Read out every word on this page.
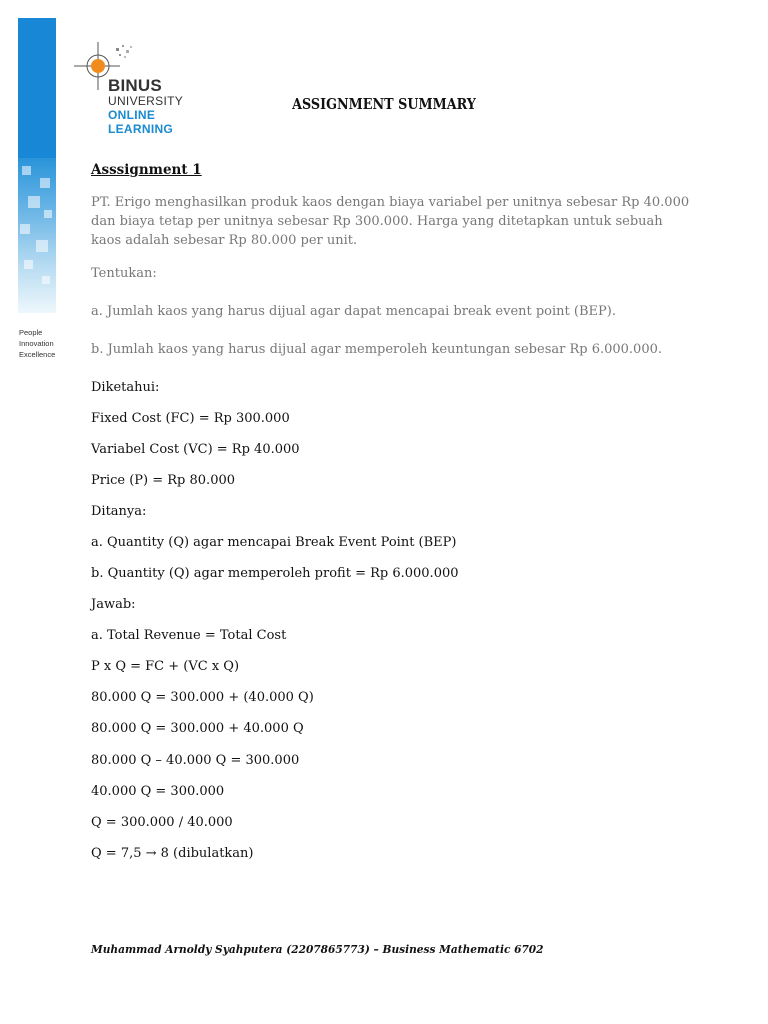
People
Innovation
Excellence
BINUS
UNIVERSITY
ONLINE
LEARNING
ASSIGNMENT SUMMARY
Asssignment 1
PT. Erigo menghasilkan produk kaos dengan biaya variabel per unitnya sebesar Rp 40.000 dan biaya tetap per unitnya sebesar Rp 300.000. Harga yang ditetapkan untuk sebuah kaos adalah sebesar Rp 80.000 per unit.
Tentukan:
a. Jumlah kaos yang harus dijual agar dapat mencapai break event point (BEP).
b. Jumlah kaos yang harus dijual agar memperoleh keuntungan sebesar Rp 6.000.000.
Diketahui:
Fixed Cost (FC) = Rp 300.000
Variabel Cost (VC) = Rp 40.000
Price (P) = Rp 80.000
Ditanya:
a. Quantity (Q) agar mencapai Break Event Point (BEP)
b. Quantity (Q) agar memperoleh profit = Rp 6.000.000
Jawab:
a. Total Revenue = Total Cost
P x Q = FC + (VC x Q)
80.000 Q = 300.000 + (40.000 Q)
80.000 Q = 300.000 + 40.000 Q
80.000 Q – 40.000 Q = 300.000
40.000 Q = 300.000
Q = 300.000 / 40.000
Q = 7,5 → 8 (dibulatkan)
Muhammad Arnoldy Syahputera (2207865773) – Business Mathematic 6702
